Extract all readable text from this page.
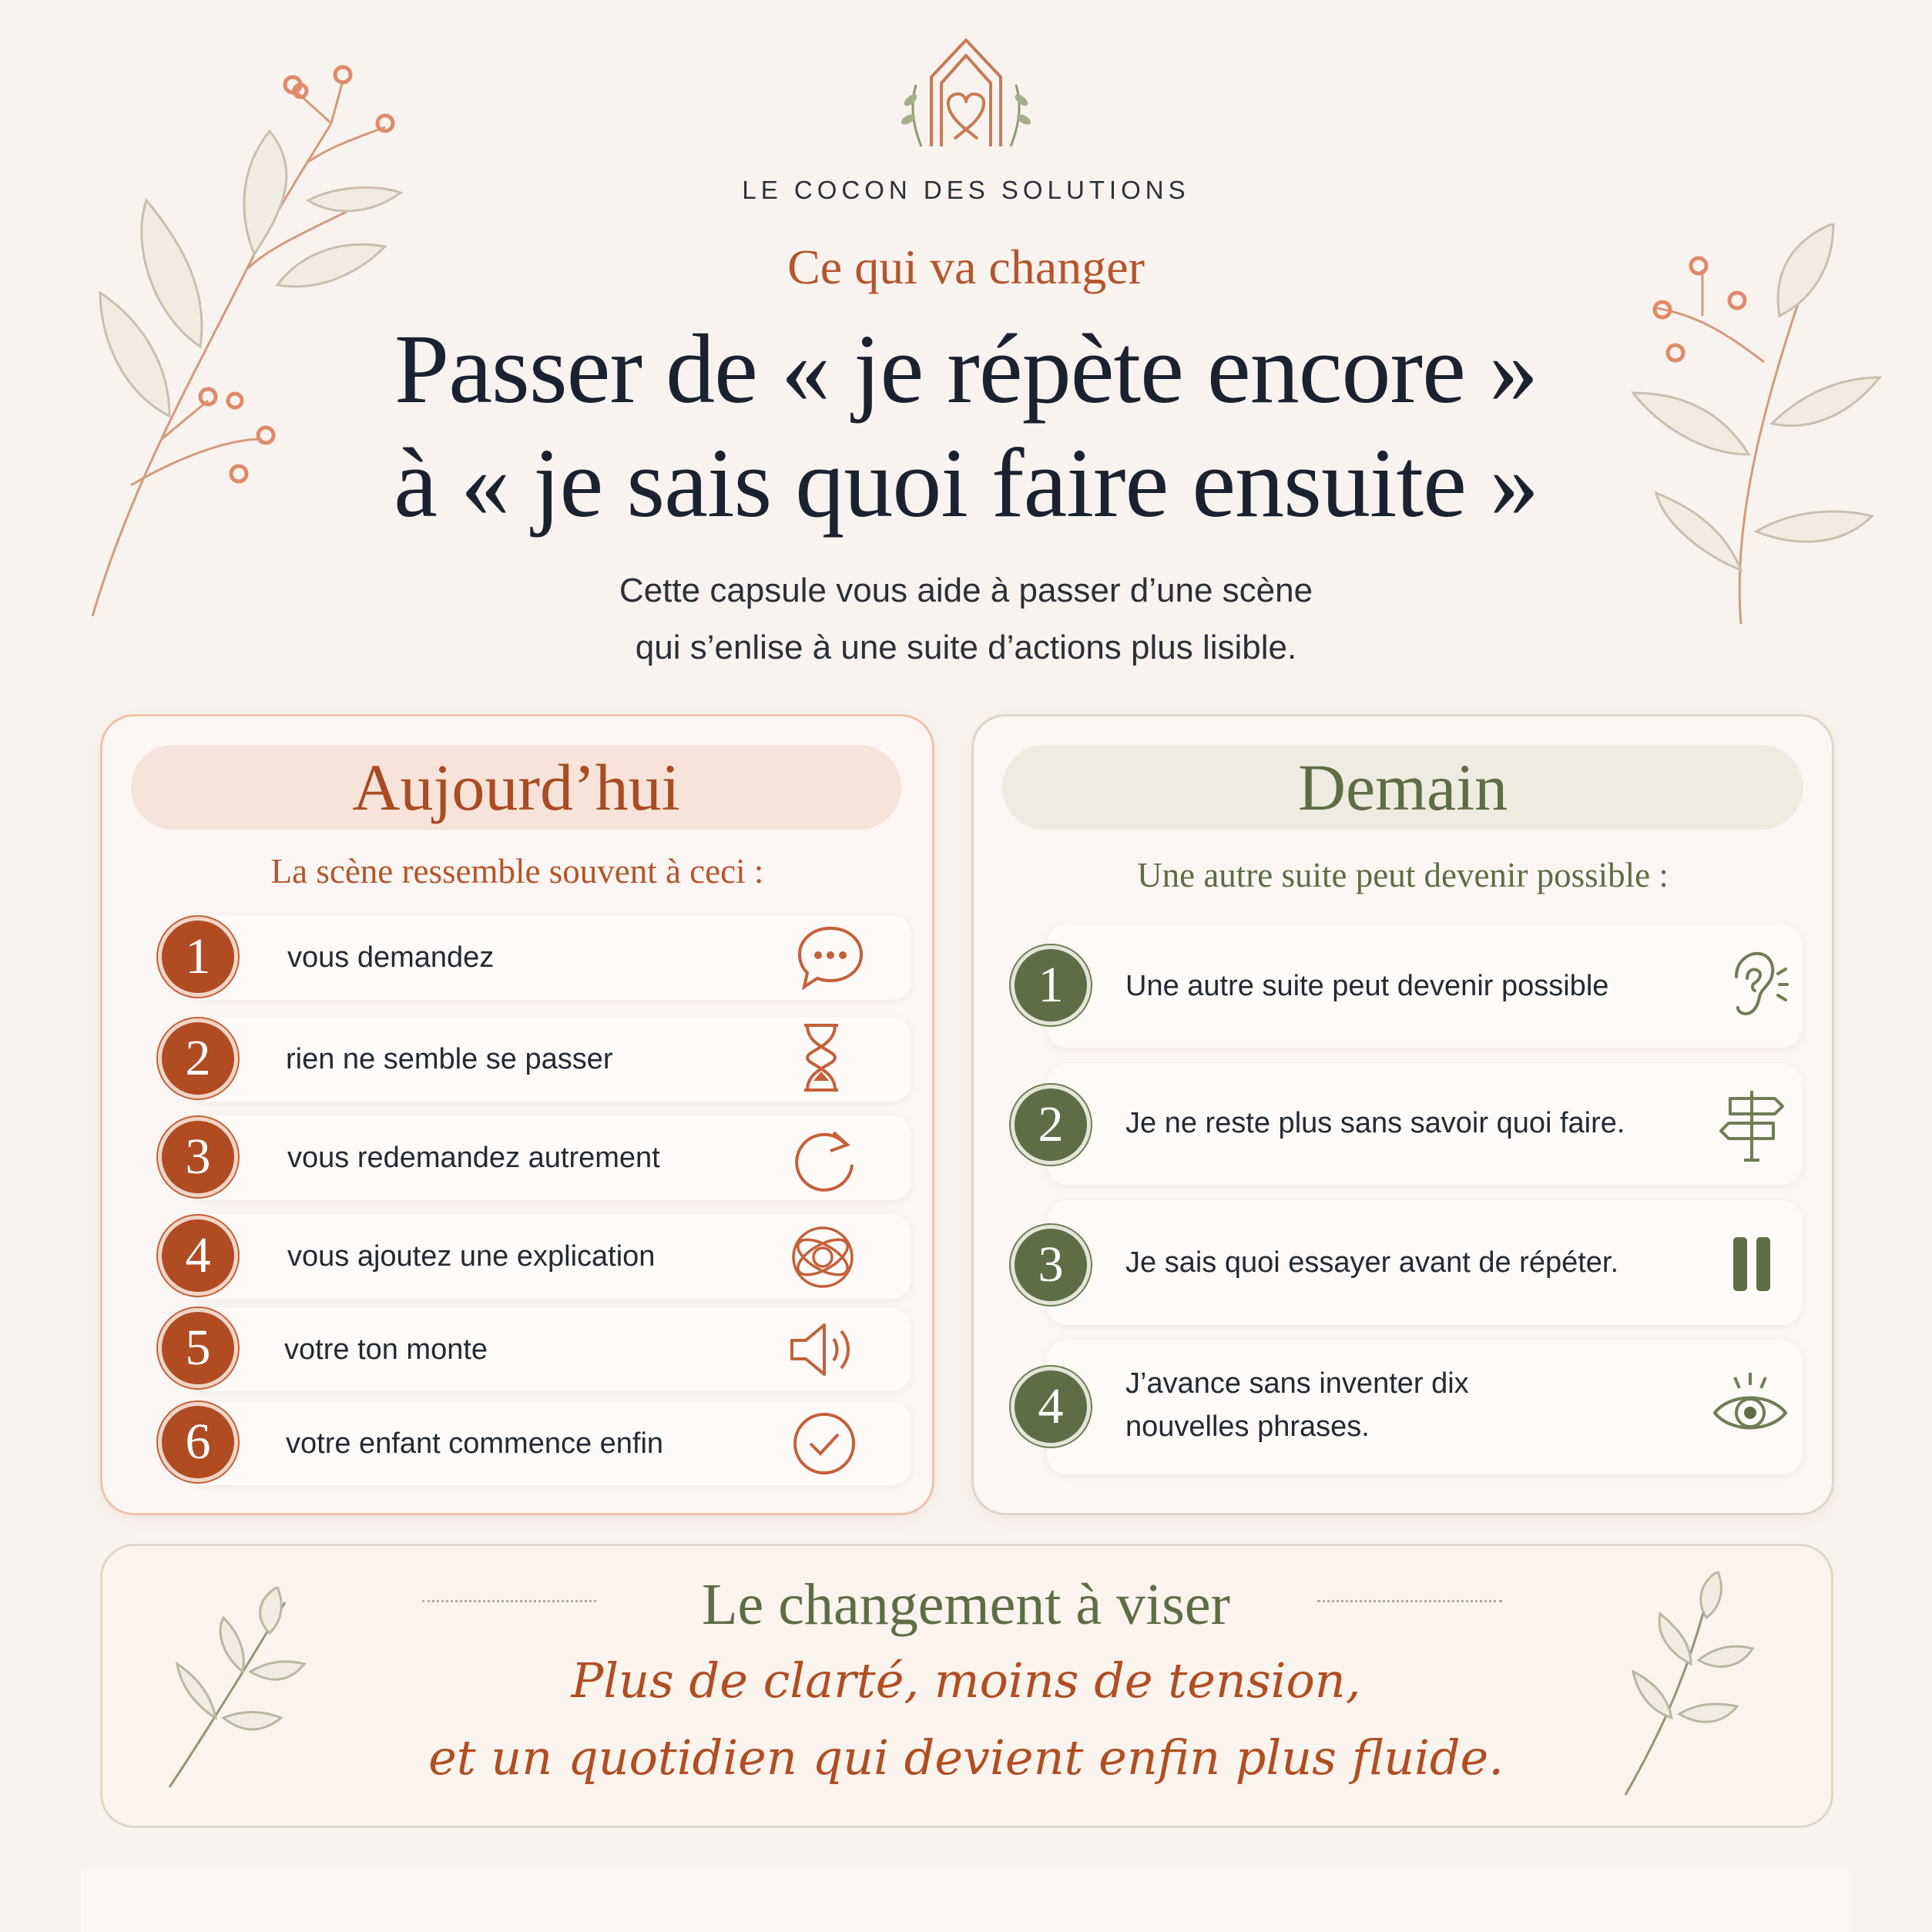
LE COCON DES SOLUTIONS
Ce qui va changer
Passer de « je répète encore »
à « je sais quoi faire ensuite »
Cette capsule vous aide à passer d’une scène
qui s’enlise à une suite d’actions plus lisible.
Aujourd’hui
La scène ressemble souvent à ceci :
vous demandez
rien ne semble se passer
vous redemandez autrement
vous ajoutez une explication
votre ton monte
votre enfant commence enfin
1
2
3
4
5
6
Demain
Une autre suite peut devenir possible :
Une autre suite peut devenir possible
Je ne reste plus sans savoir quoi faire.
Je sais quoi essayer avant de répéter.
J’avance sans inventer dix
nouvelles phrases.
1
2
3
4
Le changement à viser
Plus de clarté, moins de tension,
et un quotidien qui devient enfin plus fluide.
